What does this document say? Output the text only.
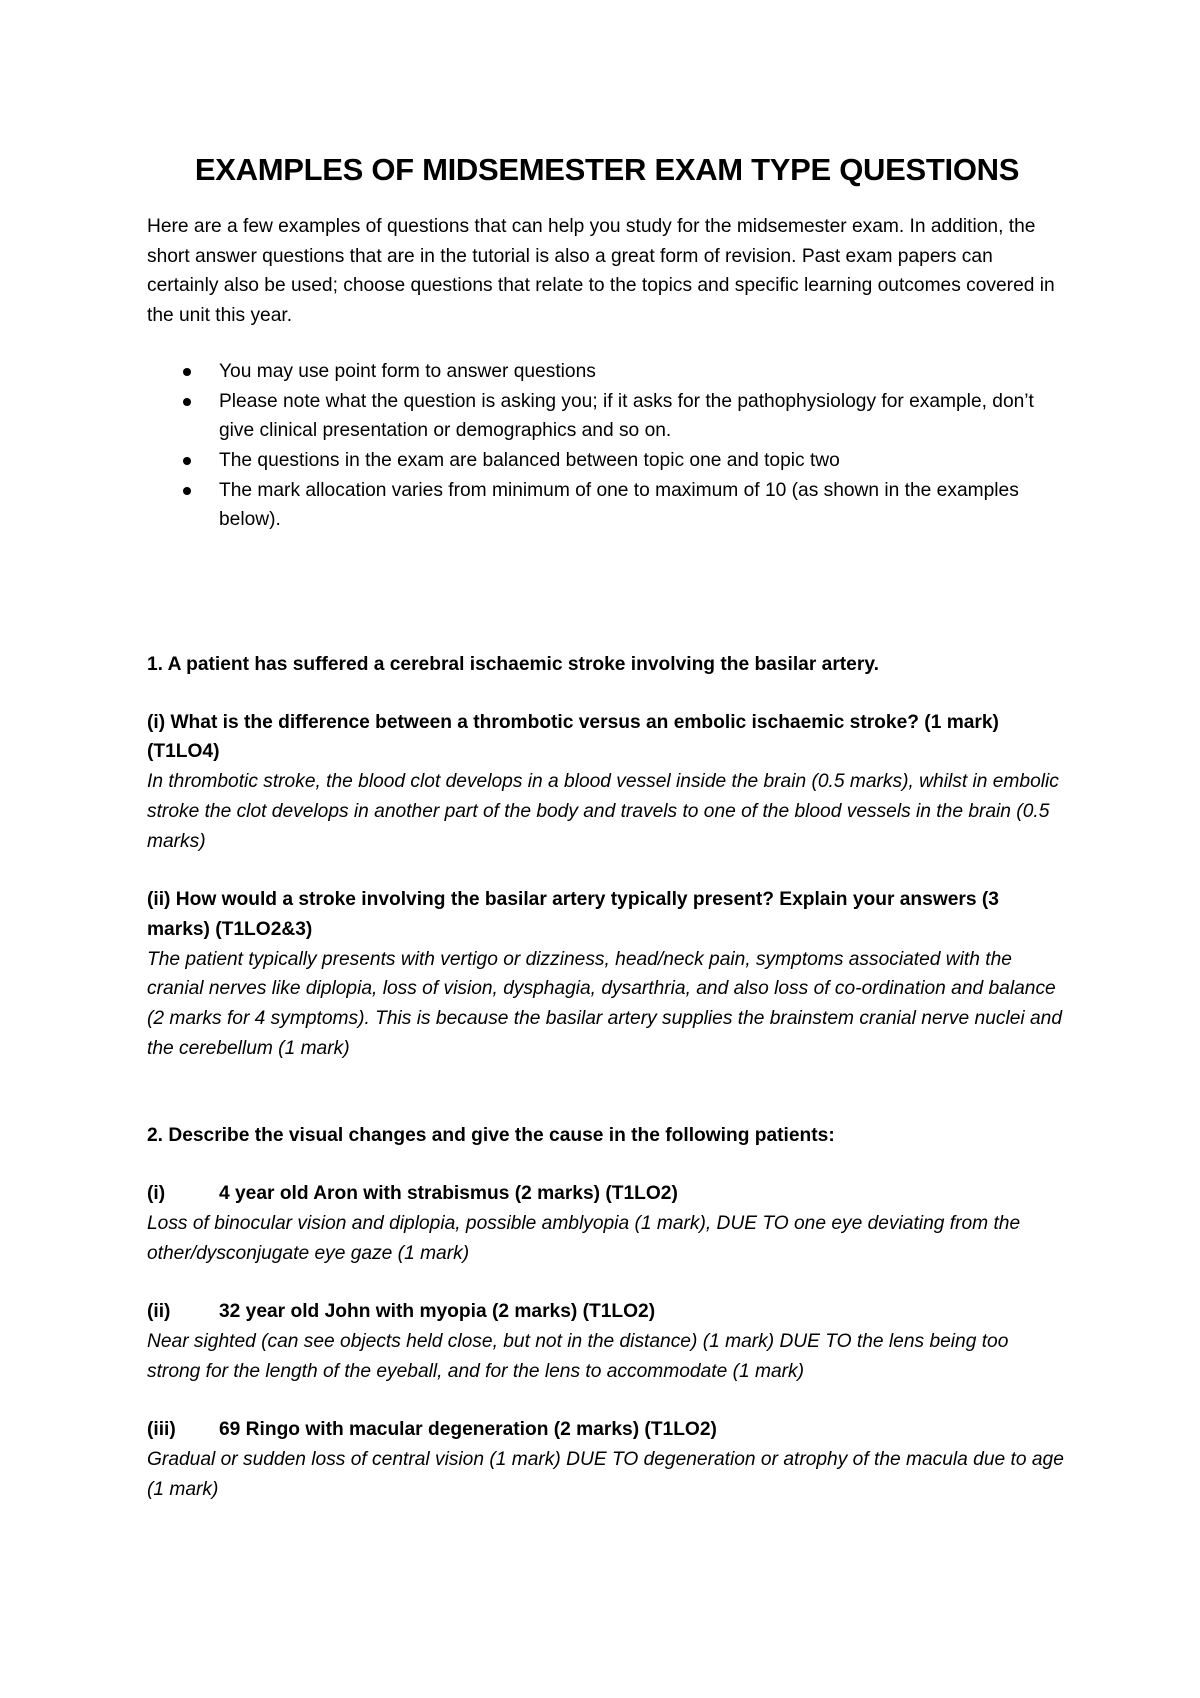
EXAMPLES OF MIDSEMESTER EXAM TYPE QUESTIONS

Here are a few examples of questions that can help you study for the midsemester exam. In addition, the short answer questions that are in the tutorial is also a great form of revision. Past exam papers can certainly also be used; choose questions that relate to the topics and specific learning outcomes covered in the unit this year.

You may use point form to answer questions
Please note what the question is asking you; if it asks for the pathophysiology for example, don’t give clinical presentation or demographics and so on.
The questions in the exam are balanced between topic one and topic two
The mark allocation varies from minimum of one to maximum of 10 (as shown in the examples below).

1. A patient has suffered a cerebral ischaemic stroke involving the basilar artery.

(i) What is the difference between a thrombotic versus an embolic ischaemic stroke? (1 mark) (T1LO4)

In thrombotic stroke, the blood clot develops in a blood vessel inside the brain (0.5 marks), whilst in embolic stroke the clot develops in another part of the body and travels to one of the blood vessels in the brain (0.5 marks)

(ii) How would a stroke involving the basilar artery typically present? Explain your answers (3 marks) (T1LO2&3)

The patient typically presents with vertigo or dizziness, head/neck pain, symptoms associated with the cranial nerves like diplopia, loss of vision, dysphagia, dysarthria, and also loss of co-ordination and balance (2 marks for 4 symptoms). This is because the basilar artery supplies the brainstem cranial nerve nuclei and the cerebellum (1 mark)

2. Describe the visual changes and give the cause in the following patients:

(i)	4 year old Aron with strabismus (2 marks) (T1LO2)

Loss of binocular vision and diplopia, possible amblyopia (1 mark), DUE TO one eye deviating from the other/dysconjugate eye gaze (1 mark)

(ii)	32 year old John with myopia (2 marks) (T1LO2)

Near sighted (can see objects held close, but not in the distance) (1 mark) DUE TO the lens being too strong for the length of the eyeball, and for the lens to accommodate (1 mark)

(iii)	69 Ringo with macular degeneration (2 marks) (T1LO2)

Gradual or sudden loss of central vision (1 mark) DUE TO degeneration or atrophy of the macula due to age (1 mark)
